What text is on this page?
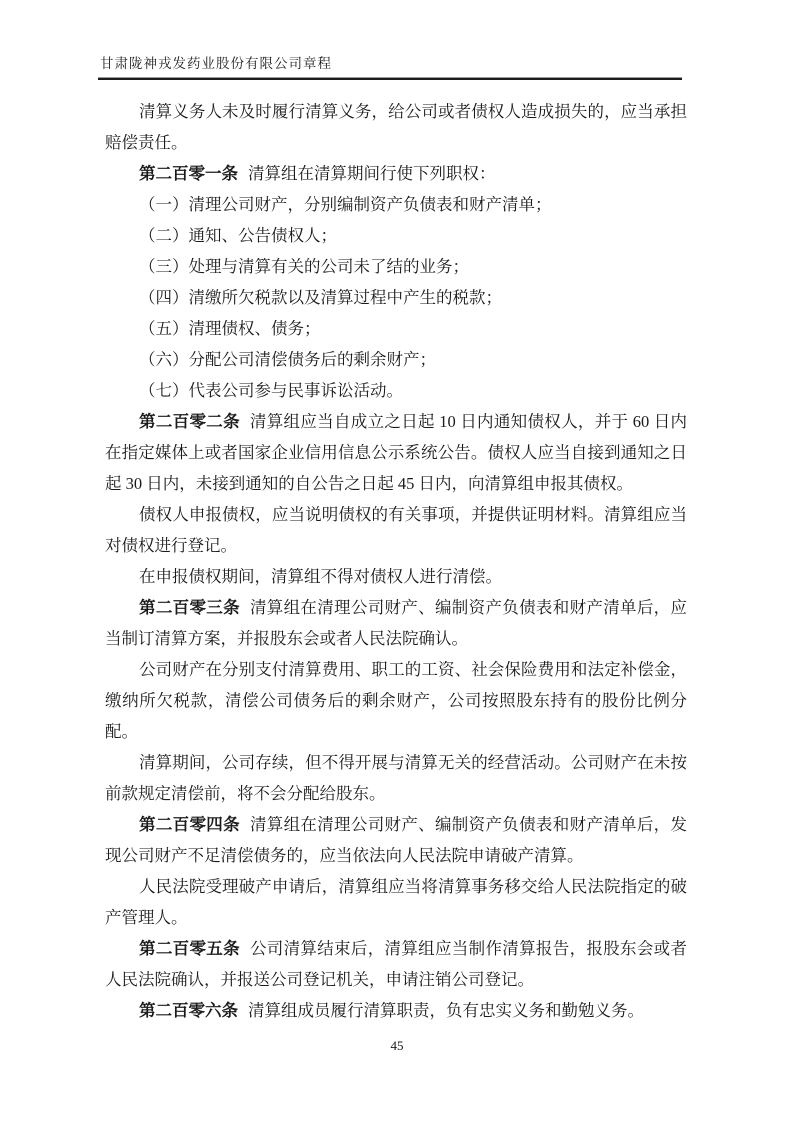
甘肃陇神戎发药业股份有限公司章程

清算义务人未及时履行清算义务，给公司或者债权人造成损失的，应当承担赔偿责任。

第二百零一条 清算组在清算期间行使下列职权：

（一）清理公司财产，分别编制资产负债表和财产清单；

（二）通知、公告债权人；

（三）处理与清算有关的公司未了结的业务；

（四）清缴所欠税款以及清算过程中产生的税款；

（五）清理债权、债务；

（六）分配公司清偿债务后的剩余财产；

（七）代表公司参与民事诉讼活动。

第二百零二条 清算组应当自成立之日起 10 日内通知债权人，并于 60 日内在指定媒体上或者国家企业信用信息公示系统公告。债权人应当自接到通知之日起 30 日内，未接到通知的自公告之日起 45 日内，向清算组申报其债权。

债权人申报债权，应当说明债权的有关事项，并提供证明材料。清算组应当对债权进行登记。

在申报债权期间，清算组不得对债权人进行清偿。

第二百零三条 清算组在清理公司财产、编制资产负债表和财产清单后，应当制订清算方案，并报股东会或者人民法院确认。

公司财产在分别支付清算费用、职工的工资、社会保险费用和法定补偿金，缴纳所欠税款，清偿公司债务后的剩余财产，公司按照股东持有的股份比例分配。

清算期间，公司存续，但不得开展与清算无关的经营活动。公司财产在未按前款规定清偿前，将不会分配给股东。

第二百零四条 清算组在清理公司财产、编制资产负债表和财产清单后，发现公司财产不足清偿债务的，应当依法向人民法院申请破产清算。

人民法院受理破产申请后，清算组应当将清算事务移交给人民法院指定的破产管理人。

第二百零五条 公司清算结束后，清算组应当制作清算报告，报股东会或者人民法院确认，并报送公司登记机关，申请注销公司登记。

第二百零六条 清算组成员履行清算职责，负有忠实义务和勤勉义务。

45
